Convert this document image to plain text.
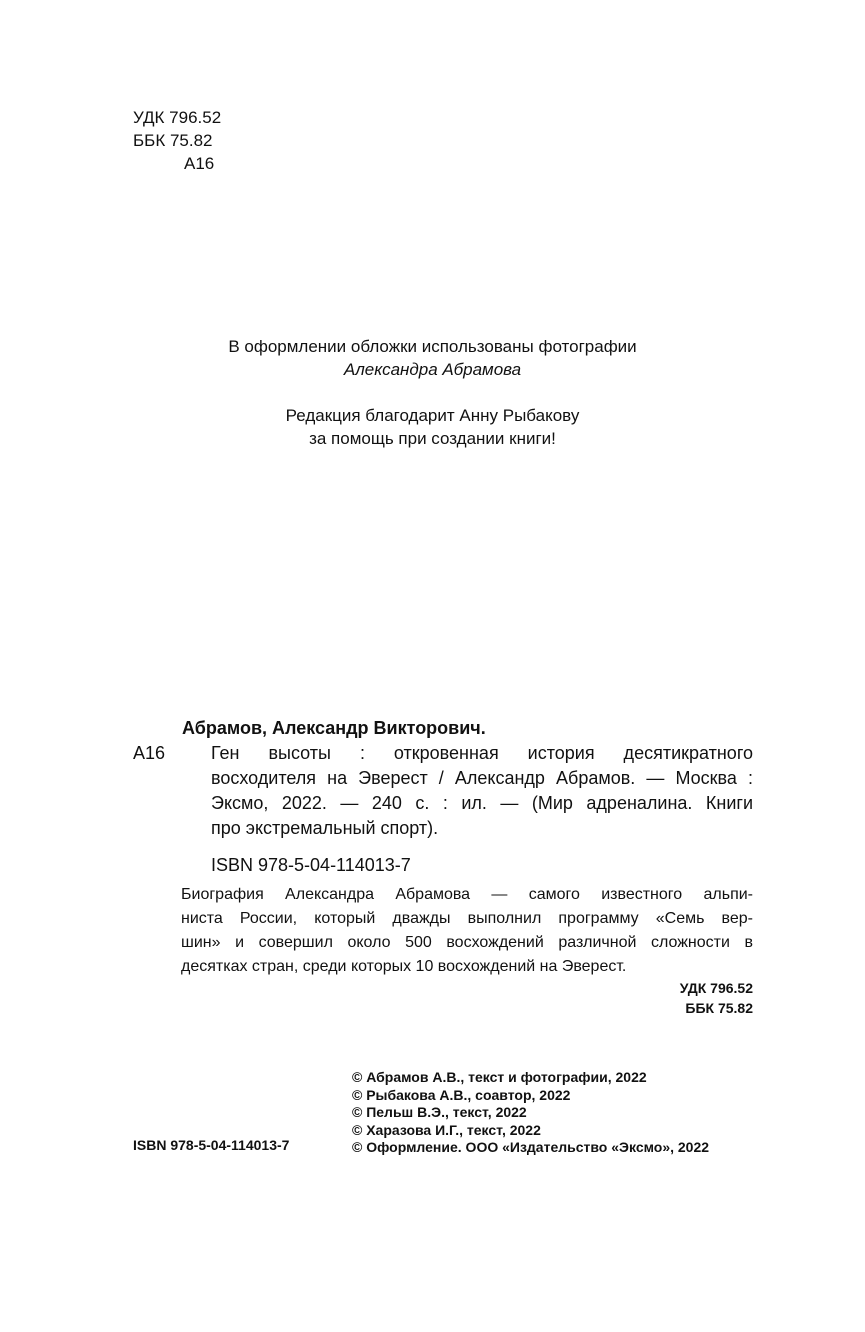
УДК 796.52
ББК 75.82
А16
В оформлении обложки использованы фотографии
Александра Абрамова
Редакция благодарит Анну Рыбакову
за помощь при создании книги!
Абрамов, Александр Викторович.
А16	Ген высоты : откровенная история десятикратного
восходителя на Эверест / Александр Абрамов. — Москва :
Эксмо, 2022. — 240 с. : ил. — (Мир адреналина. Книги
про экстремальный спорт).
ISBN 978-5-04-114013-7
Биография Александра Абрамова — самого известного альпи-
ниста России, который дважды выполнил программу «Семь вер-
шин» и совершил около 500 восхождений различной сложности в
десятках стран, среди которых 10 восхождений на Эверест.
УДК 796.52
ББК 75.82
ISBN 978-5-04-114013-7
© Абрамов А.В., текст и фотографии, 2022
© Рыбакова А.В., соавтор, 2022
© Пельш В.Э., текст, 2022
© Харазова И.Г., текст, 2022
© Оформление. ООО «Издательство «Эксмо», 2022
